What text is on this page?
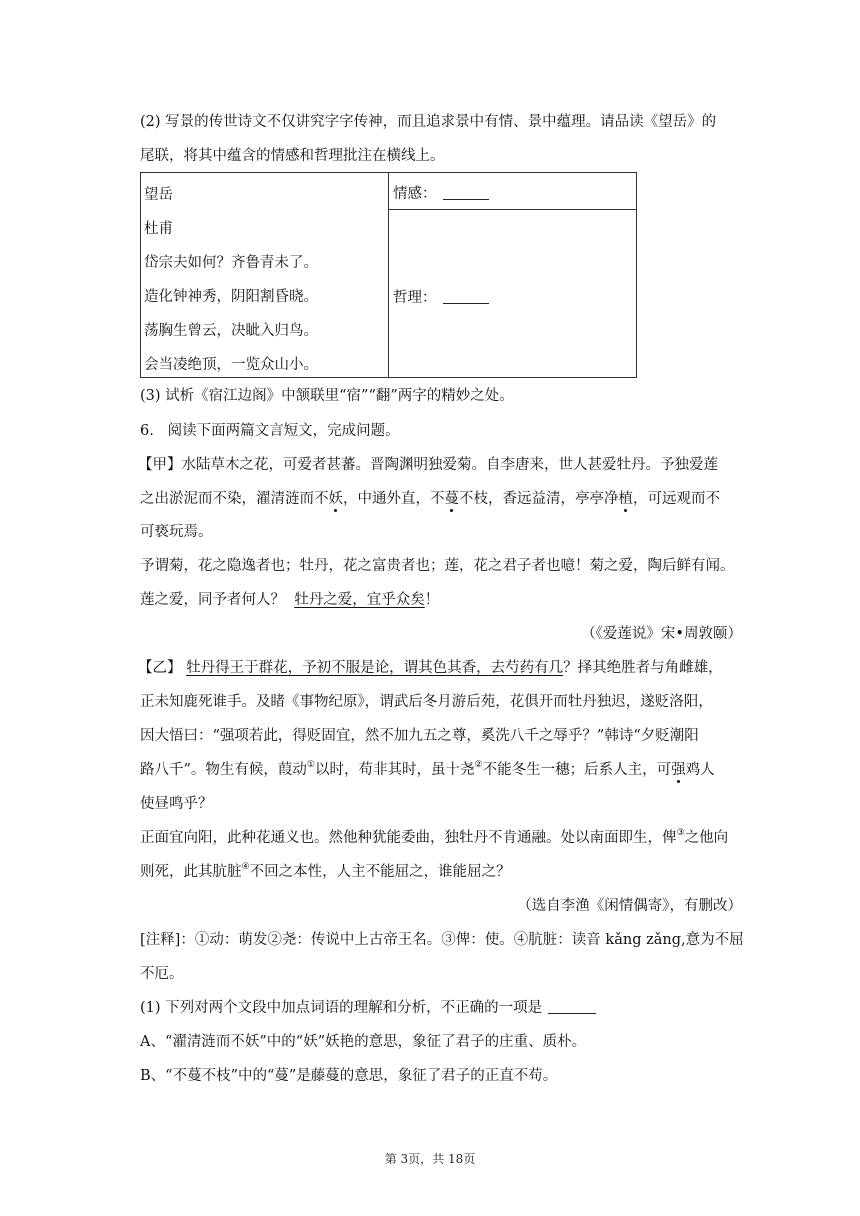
(2) 写景的传世诗文不仅讲究字字传神，而且追求景中有情、景中蕴理。请品读《望岳》的
尾联，将其中蕴含的情感和哲理批注在横线上。
望岳
杜甫
岱宗夫如何？齐鲁青未了。
造化钟神秀，阴阳割昏晓。
荡胸生曾云，决眦入归鸟。
会当凌绝顶，一览众山小。

情感：

哲理：
(3) 试析《宿江边阁》中颔联里“宿”“翻”两字的精妙之处。
6. 阅读下面两篇文言短文，完成问题。
【甲】水陆草木之花，可爱者甚蕃。晋陶渊明独爱菊。自李唐来，世人甚爱牡丹。予独爱莲
之出淤泥而不染，濯清涟而不妖，中通外直，不蔓不枝，香远益清，亭亭净植，可远观而不
可亵玩焉。
予谓菊，花之隐逸者也；牡丹，花之富贵者也；莲，花之君子者也噫！菊之爱，陶后鲜有闻。
莲之爱，同予者何人？ 牡丹之爱，宜乎众矣！
（《爱莲说》宋•周敦颐）
【乙】 牡丹得王于群花，予初不服是论，谓其色其香，去芍药有几？择其绝胜者与角雌雄，
正未知鹿死谁手。及睹《事物纪原》，谓武后冬月游后苑，花俱开而牡丹独迟，遂贬洛阳，
因大悟曰：“强项若此，得贬固宜，然不加九五之尊，奚洗八千之辱乎？”韩诗“夕贬潮阳
路八千”。物生有候，葭动①以时，苟非其时，虽十尧②不能冬生一穗；后系人主，可强鸡人
使昼鸣乎？
正面宜向阳，此种花通义也。然他种犹能委曲，独牡丹不肯通融。处以南面即生，俾③之他向
则死，此其肮脏④不回之本性，人主不能屈之，谁能屈之？
（选自李渔《闲情偶寄》，有删改）
[注释]：①动：萌发②尧：传说中上古帝王名。③俾：使。④肮脏：读音 kǎng zǎng,意为不屈
不厄。
(1) 下列对两个文段中加点词语的理解和分析，不正确的一项是
A、“濯清涟而不妖”中的“妖”妖艳的意思，象征了君子的庄重、质朴。
B、“不蔓不枝”中的“蔓”是藤蔓的意思，象征了君子的正直不苟。
第 3页，共 18页
